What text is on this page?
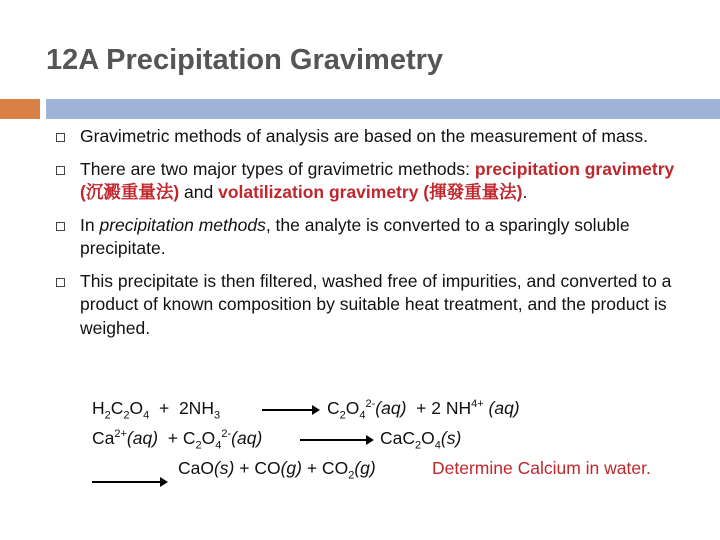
12A Precipitation Gravimetry
Gravimetric methods of analysis are based on the measurement of mass.
There are two major types of gravimetric methods: precipitation gravimetry (沉澱重量法) and volatilization gravimetry (揮發重量法).
In precipitation methods, the analyte is converted to a sparingly soluble precipitate.
This precipitate is then filtered, washed free of impurities, and converted to a product of known composition by suitable heat treatment, and the product is weighed.
$H_2C_2O_4 + 2NH_3$	→ $C_2O_4^{2-}(aq) + 2$ $NH^{4+}$ (aq)
$Ca^{2+}(aq) + C_2O_4^{2-}(aq)$	$CaC_2O_4(s)$
$CaO(s) + CO(g) + CO_2(g)$	Determine Calcium in water.
